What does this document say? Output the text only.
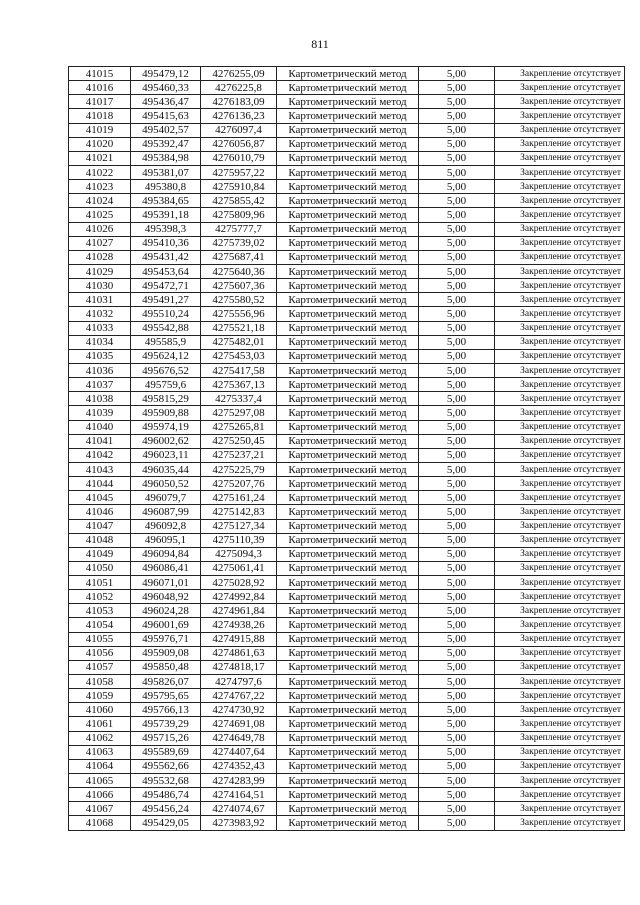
811
41015	495479,12	4276255,09	Картометрический метод	5,00	Закрепление отсутствует
41016	495460,33	4276225,8	Картометрический метод	5,00	Закрепление отсутствует
41017	495436,47	4276183,09	Картометрический метод	5,00	Закрепление отсутствует
41018	495415,63	4276136,23	Картометрический метод	5,00	Закрепление отсутствует
41019	495402,57	4276097,4	Картометрический метод	5,00	Закрепление отсутствует
41020	495392,47	4276056,87	Картометрический метод	5,00	Закрепление отсутствует
41021	495384,98	4276010,79	Картометрический метод	5,00	Закрепление отсутствует
41022	495381,07	4275957,22	Картометрический метод	5,00	Закрепление отсутствует
41023	495380,8	4275910,84	Картометрический метод	5,00	Закрепление отсутствует
41024	495384,65	4275855,42	Картометрический метод	5,00	Закрепление отсутствует
41025	495391,18	4275809,96	Картометрический метод	5,00	Закрепление отсутствует
41026	495398,3	4275777,7	Картометрический метод	5,00	Закрепление отсутствует
41027	495410,36	4275739,02	Картометрический метод	5,00	Закрепление отсутствует
41028	495431,42	4275687,41	Картометрический метод	5,00	Закрепление отсутствует
41029	495453,64	4275640,36	Картометрический метод	5,00	Закрепление отсутствует
41030	495472,71	4275607,36	Картометрический метод	5,00	Закрепление отсутствует
41031	495491,27	4275580,52	Картометрический метод	5,00	Закрепление отсутствует
41032	495510,24	4275556,96	Картометрический метод	5,00	Закрепление отсутствует
41033	495542,88	4275521,18	Картометрический метод	5,00	Закрепление отсутствует
41034	495585,9	4275482,01	Картометрический метод	5,00	Закрепление отсутствует
41035	495624,12	4275453,03	Картометрический метод	5,00	Закрепление отсутствует
41036	495676,52	4275417,58	Картометрический метод	5,00	Закрепление отсутствует
41037	495759,6	4275367,13	Картометрический метод	5,00	Закрепление отсутствует
41038	495815,29	4275337,4	Картометрический метод	5,00	Закрепление отсутствует
41039	495909,88	4275297,08	Картометрический метод	5,00	Закрепление отсутствует
41040	495974,19	4275265,81	Картометрический метод	5,00	Закрепление отсутствует
41041	496002,62	4275250,45	Картометрический метод	5,00	Закрепление отсутствует
41042	496023,11	4275237,21	Картометрический метод	5,00	Закрепление отсутствует
41043	496035,44	4275225,79	Картометрический метод	5,00	Закрепление отсутствует
41044	496050,52	4275207,76	Картометрический метод	5,00	Закрепление отсутствует
41045	496079,7	4275161,24	Картометрический метод	5,00	Закрепление отсутствует
41046	496087,99	4275142,83	Картометрический метод	5,00	Закрепление отсутствует
41047	496092,8	4275127,34	Картометрический метод	5,00	Закрепление отсутствует
41048	496095,1	4275110,39	Картометрический метод	5,00	Закрепление отсутствует
41049	496094,84	4275094,3	Картометрический метод	5,00	Закрепление отсутствует
41050	496086,41	4275061,41	Картометрический метод	5,00	Закрепление отсутствует
41051	496071,01	4275028,92	Картометрический метод	5,00	Закрепление отсутствует
41052	496048,92	4274992,84	Картометрический метод	5,00	Закрепление отсутствует
41053	496024,28	4274961,84	Картометрический метод	5,00	Закрепление отсутствует
41054	496001,69	4274938,26	Картометрический метод	5,00	Закрепление отсутствует
41055	495976,71	4274915,88	Картометрический метод	5,00	Закрепление отсутствует
41056	495909,08	4274861,63	Картометрический метод	5,00	Закрепление отсутствует
41057	495850,48	4274818,17	Картометрический метод	5,00	Закрепление отсутствует
41058	495826,07	4274797,6	Картометрический метод	5,00	Закрепление отсутствует
41059	495795,65	4274767,22	Картометрический метод	5,00	Закрепление отсутствует
41060	495766,13	4274730,92	Картометрический метод	5,00	Закрепление отсутствует
41061	495739,29	4274691,08	Картометрический метод	5,00	Закрепление отсутствует
41062	495715,26	4274649,78	Картометрический метод	5,00	Закрепление отсутствует
41063	495589,69	4274407,64	Картометрический метод	5,00	Закрепление отсутствует
41064	495562,66	4274352,43	Картометрический метод	5,00	Закрепление отсутствует
41065	495532,68	4274283,99	Картометрический метод	5,00	Закрепление отсутствует
41066	495486,74	4274164,51	Картометрический метод	5,00	Закрепление отсутствует
41067	495456,24	4274074,67	Картометрический метод	5,00	Закрепление отсутствует
41068	495429,05	4273983,92	Картометрический метод	5,00	Закрепление отсутствует
